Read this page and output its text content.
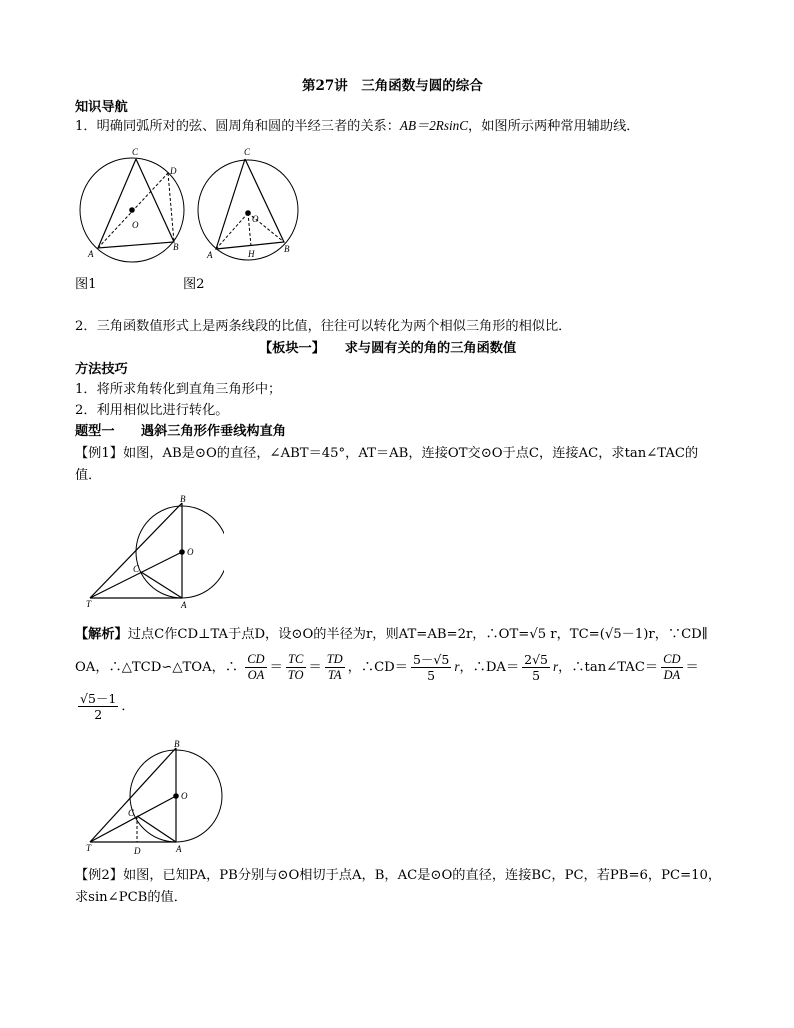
第27讲　三角函数与圆的综合
知识导航
1．明确同弧所对的弦、圆周角和圆的半经三者的关系：AB＝2RsinC，如图所示两种常用辅助线．
C
D
O
A
B
C
O
A	H	B
图1	图2
2．三角函数值形式上是两条线段的比值，往往可以转化为两个相似三角形的相似比．
【板块一】　　求与圆有关的角的三角函数值
方法技巧
1．将所求角转化到直角三角形中；
2．利用相似比进行转化。
题型一　　遇斜三角形作垂线构直角
【例1】如图，AB是⊙O的直径，∠ABT＝45°，AT＝AB，连接OT交⊙O于点C，连接AC，求tan∠TAC的
值．
B
O
C
T	A
【解析】过点C作CD⊥TA于点D，设⊙O的半径为r，则AT=AB=2r，∴OT=√5 r，TC=(√5－1)r，∵CD∥
OA，∴△TCD∽△TOA，∴ $\frac{CD}{OA} = \frac{TC}{TO} = \frac{TD}{TA}$ ，∴CD＝ $\frac{5-√5}{5}$ r，∴DA＝ $\frac{2√5}{5}$ r，∴tan∠TAC＝ $\frac{CD}{DA}$ ＝
$\frac{√5-1}{2}$ ．
B
O
C
T	D	A
【例2】如图，已知PA，PB分别与⊙O相切于点A，B，AC是⊙O的直径，连接BC，PC，若PB=6，PC=10，
求sin∠PCB的值．
